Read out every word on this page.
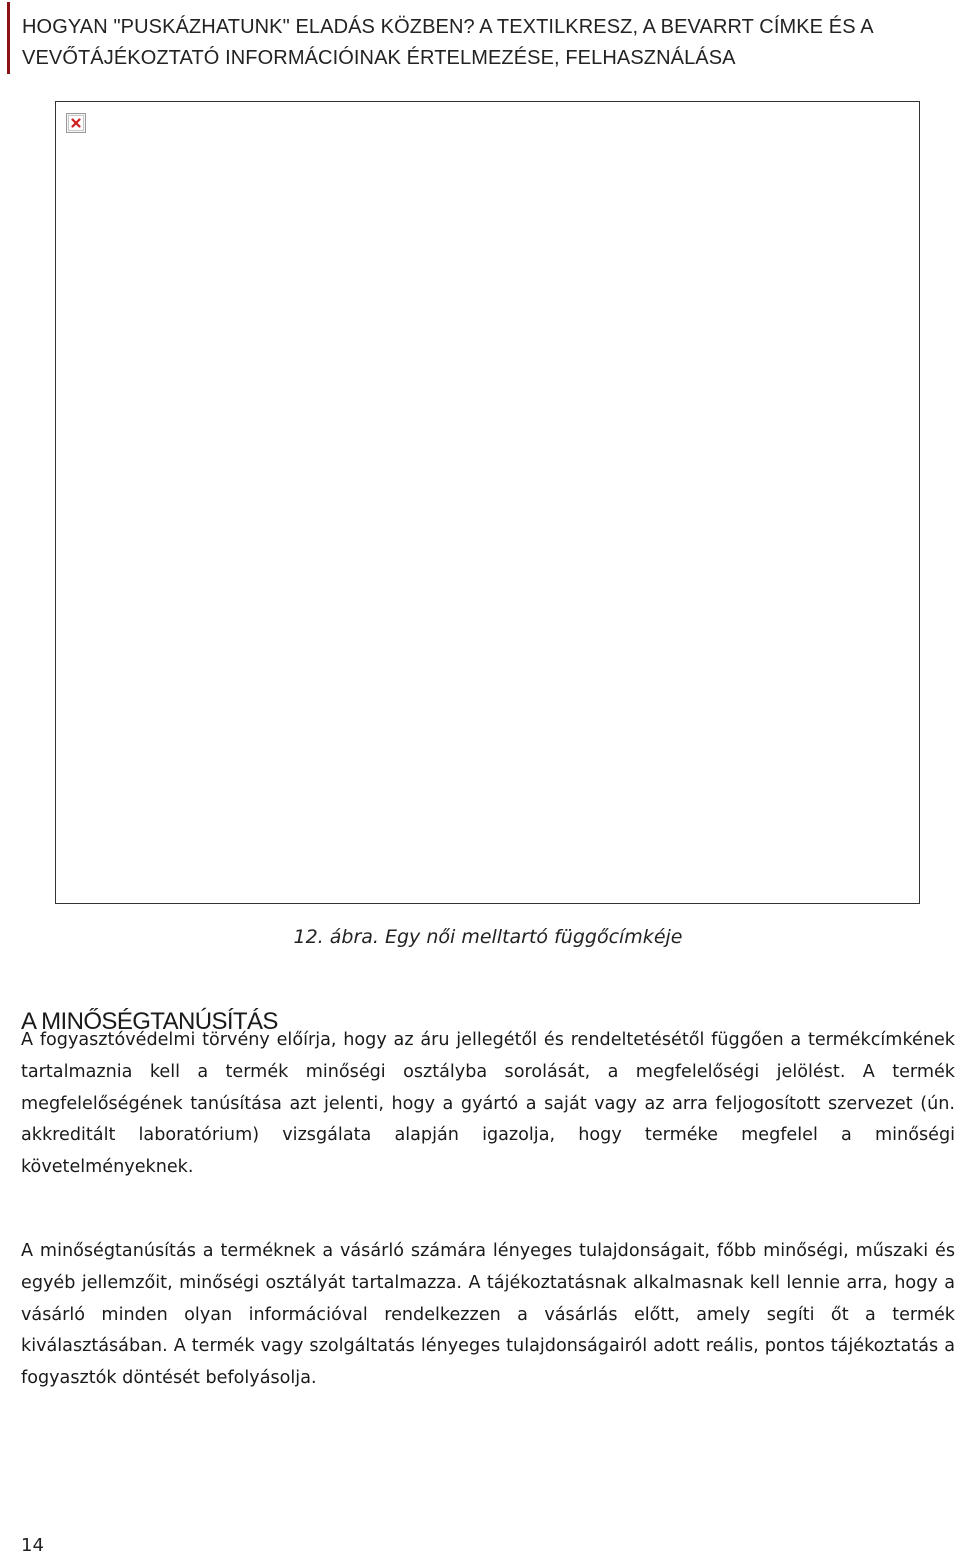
HOGYAN "PUSKÁZHATUNK" ELADÁS KÖZBEN? A TEXTILKRESZ, A BEVARRT CÍMKE ÉS A VEVŐTÁJÉKOZTATÓ INFORMÁCIÓINAK ÉRTELMEZÉSE, FELHASZNÁLÁSA
12. ábra. Egy női melltartó függőcímkéje
A MINŐSÉGTANÚSÍTÁS

A fogyasztóvédelmi törvény előírja, hogy az áru jellegétől és rendeltetésétől függően a termékcímkének tartalmaznia kell a termék minőségi osztályba sorolását, a megfelelőségi jelölést. A termék megfelelőségének tanúsítása azt jelenti, hogy a gyártó a saját vagy az arra feljogosított szervezet (ún. akkreditált laboratórium) vizsgálata alapján igazolja, hogy terméke megfelel a minőségi követelményeknek.

A minőségtanúsítás a terméknek a vásárló számára lényeges tulajdonságait, főbb minőségi, műszaki és egyéb jellemzőit, minőségi osztályát tartalmazza. A tájékoztatásnak alkalmasnak kell lennie arra, hogy a vásárló minden olyan információval rendelkezzen a vásárlás előtt, amely segíti őt a termék kiválasztásában. A termék vagy szolgáltatás lényeges tulajdonságairól adott reális, pontos tájékoztatás a fogyasztók döntését befolyásolja.

14
